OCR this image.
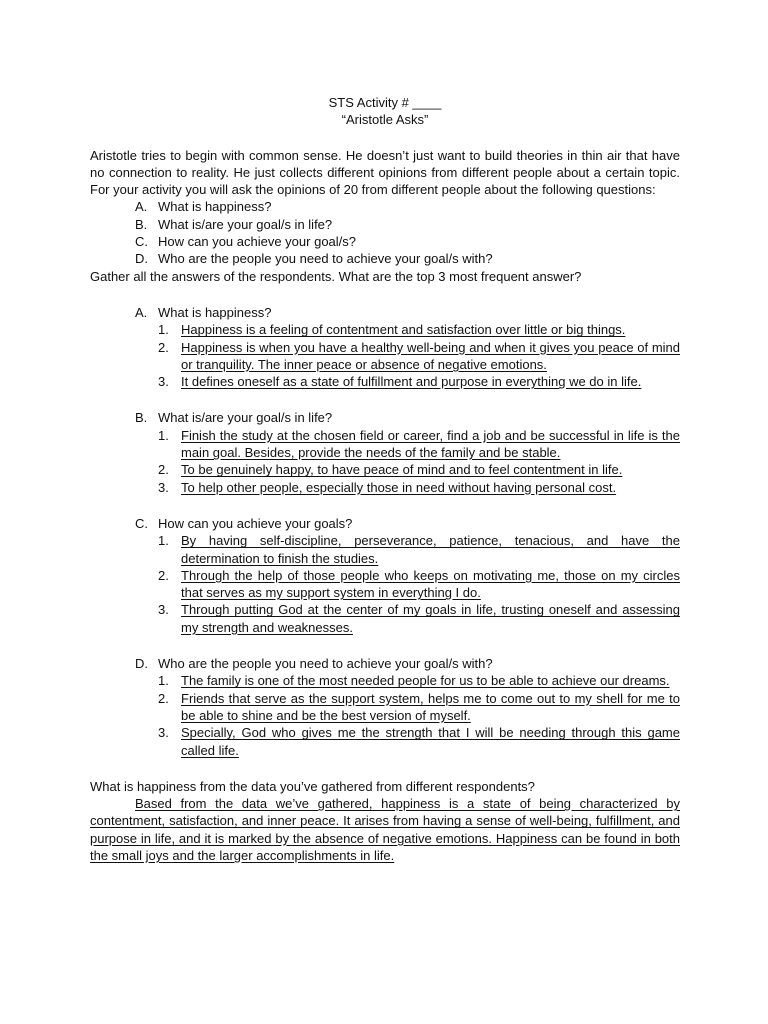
STS Activity # ____

“Aristotle Asks”

Aristotle tries to begin with common sense. He doesn’t just want to build theories in thin air that have no connection to reality. He just collects different opinions from different people about a certain topic. For your activity you will ask the opinions of 20 from different people about the following questions:

A. What is happiness?
B. What is/are your goal/s in life?
C. How can you achieve your goal/s?
D. Who are the people you need to achieve your goal/s with?

Gather all the answers of the respondents. What are the top 3 most frequent answer?

A. What is happiness?
1. Happiness is a feeling of contentment and satisfaction over little or big things.
2. Happiness is when you have a healthy well-being and when it gives you peace of mind or tranquility. The inner peace or absence of negative emotions.
3. It defines oneself as a state of fulfillment and purpose in everything we do in life.
B. What is/are your goal/s in life?
1. Finish the study at the chosen field or career, find a job and be successful in life is the main goal. Besides, provide the needs of the family and be stable.
2. To be genuinely happy, to have peace of mind and to feel contentment in life.
3. To help other people, especially those in need without having personal cost.
C. How can you achieve your goals?
1. By having self-discipline, perseverance, patience, tenacious, and have the determination to finish the studies.
2. Through the help of those people who keeps on motivating me, those on my circles that serves as my support system in everything I do.
3. Through putting God at the center of my goals in life, trusting oneself and assessing my strength and weaknesses.
D. Who are the people you need to achieve your goal/s with?
1. The family is one of the most needed people for us to be able to achieve our dreams.
2. Friends that serve as the support system, helps me to come out to my shell for me to be able to shine and be the best version of myself.
3. Specially, God who gives me the strength that I will be needing through this game called life.

What is happiness from the data you’ve gathered from different respondents?

Based from the data we’ve gathered, happiness is a state of being characterized by contentment, satisfaction, and inner peace. It arises from having a sense of well-being, fulfillment, and purpose in life, and it is marked by the absence of negative emotions. Happiness can be found in both the small joys and the larger accomplishments in life.
